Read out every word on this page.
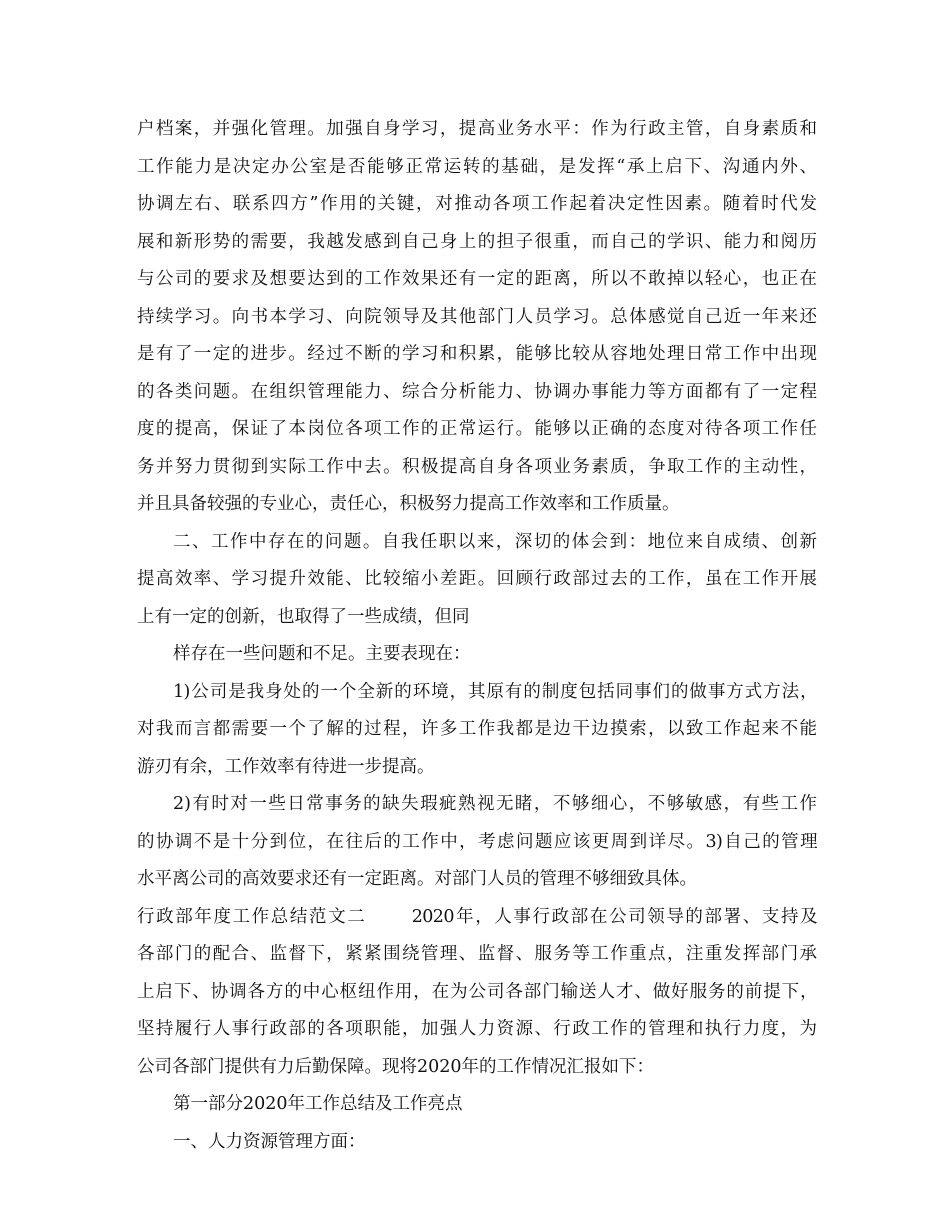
户档案，并强化管理。加强自身学习，提高业务水平：作为行政主管，自身素质和
工作能力是决定办公室是否能够正常运转的基础，是发挥“承上启下、沟通内外、
协调左右、联系四方”作用的关键，对推动各项工作起着决定性因素。随着时代发
展和新形势的需要，我越发感到自己身上的担子很重，而自己的学识、能力和阅历
与公司的要求及想要达到的工作效果还有一定的距离，所以不敢掉以轻心，也正在
持续学习。向书本学习、向院领导及其他部门人员学习。总体感觉自己近一年来还
是有了一定的进步。经过不断的学习和积累，能够比较从容地处理日常工作中出现
的各类问题。在组织管理能力、综合分析能力、协调办事能力等方面都有了一定程
度的提高，保证了本岗位各项工作的正常运行。能够以正确的态度对待各项工作任
务并努力贯彻到实际工作中去。积极提高自身各项业务素质，争取工作的主动性，
并且具备较强的专业心，责任心，积极努力提高工作效率和工作质量。
二、工作中存在的问题。自我任职以来，深切的体会到：地位来自成绩、创新
提高效率、学习提升效能、比较缩小差距。回顾行政部过去的工作，虽在工作开展
上有一定的创新，也取得了一些成绩，但同
样存在一些问题和不足。主要表现在：
1)公司是我身处的一个全新的环境，其原有的制度包括同事们的做事方式方法，
对我而言都需要一个了解的过程，许多工作我都是边干边摸索，以致工作起来不能
游刃有余，工作效率有待进一步提高。
2)有时对一些日常事务的缺失瑕疵熟视无睹，不够细心，不够敏感，有些工作
的协调不是十分到位，在往后的工作中，考虑问题应该更周到详尽。3)自己的管理
水平离公司的高效要求还有一定距离。对部门人员的管理不够细致具体。
行政部年度工作总结范文二　　 2020年，人事行政部在公司领导的部署、支持及
各部门的配合、监督下，紧紧围绕管理、监督、服务等工作重点，注重发挥部门承
上启下、协调各方的中心枢纽作用，在为公司各部门输送人才、做好服务的前提下，
坚持履行人事行政部的各项职能，加强人力资源、行政工作的管理和执行力度，为
公司各部门提供有力后勤保障。现将2020年的工作情况汇报如下：
第一部分2020年工作总结及工作亮点
一、人力资源管理方面：
